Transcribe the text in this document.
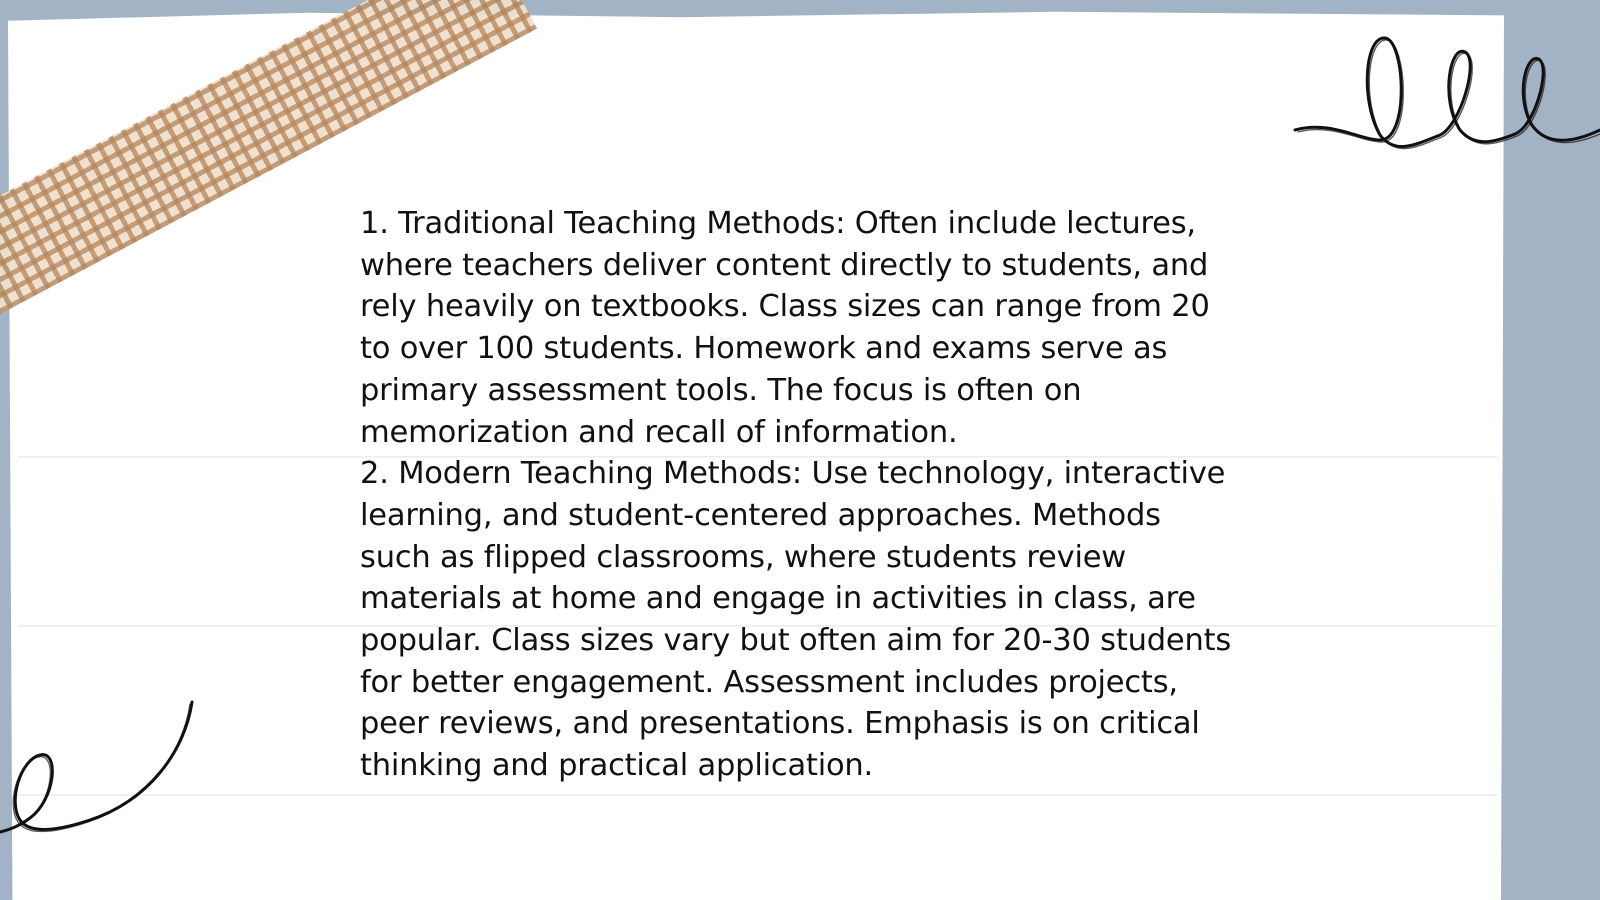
1. Traditional Teaching Methods: Often include lectures, where teachers deliver content directly to students, and rely heavily on textbooks. Class sizes can range from 20 to over 100 students. Homework and exams serve as primary assessment tools. The focus is often on memorization and recall of information.

2. Modern Teaching Methods: Use technology, interactive learning, and student-centered approaches. Methods such as flipped classrooms, where students review materials at home and engage in activities in class, are popular. Class sizes vary but often aim for 20-30 students for better engagement. Assessment includes projects, peer reviews, and presentations. Emphasis is on critical thinking and practical application.
